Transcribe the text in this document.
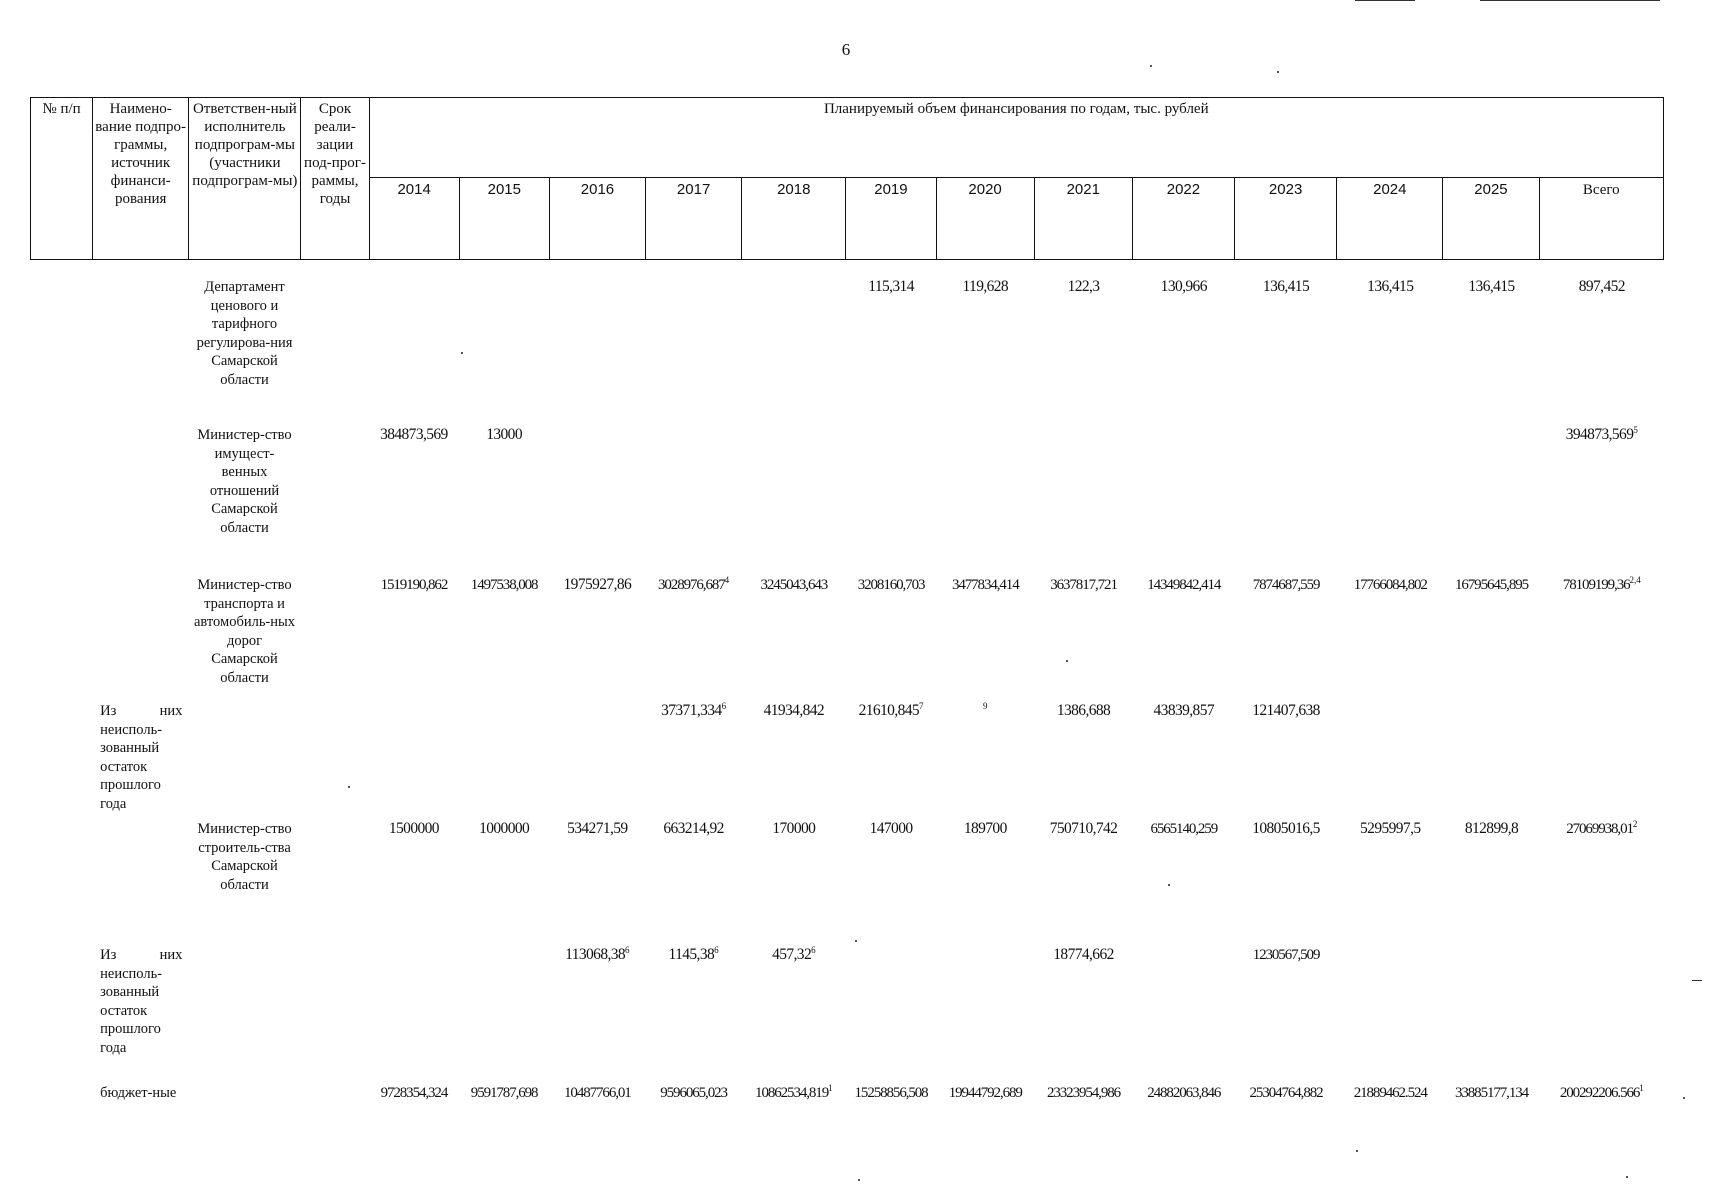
6
№ п/п	Наимено-вание подпро-граммы, источник финанси-рования	Ответствен-ный исполнитель подпрограм-мы (участники подпрограм-мы)	Срок реали-зации под-прог-раммы, годы	Планируемый объем финансирования по годам, тыс. рублей												
				2014	2015	2016	2017	2018	2019	2020	2021	2022	2023	2024	2025	Всего
		Департамент ценового и тарифного регулирова-ния Самарской области							115,314	119,628	122,3	130,966	136,415	136,415	136,415	897,452
		Министер-ство имущест-венных отношений Самарской области		384873,569	13000											394873,569$^5$
		Министер-ство транспорта и автомобиль-ных дорог Самарской области		1519190,862	1497538,008	1975927,86	3028976,687$^4$	3245043,643	3208160,703	3477834,414	3637817,721	14349842,414	7874687,559	17766084,802	16795645,895	78109199,36$^{2,4}$
	Из них неисполь-зованный остаток прошлого года						37371,334$^6$	41934,842	21610,845$^7$	$^9$	1386,688	43839,857	121407,638			
		Министер-ство строитель-ства Самарской области		1500000	1000000	534271,59	663214,92	170000	147000	189700	750710,742	6565140,259	10805016,5	5295997,5	812899,8	27069938,01$^2$
	Из них неисполь-зованный остаток прошлого года					113068,38$^6$	1145,38$^6$	457,32$^6$			18774,662		1230567,509			
	бюджет-ные			9728354,324	9591787,698	10487766,01	9596065,023	10862534,819$^1$	15258856,508	19944792,689	23323954,986	24882063,846	25304764,882	21889462.524	33885177,134	200292206.566$^1$
